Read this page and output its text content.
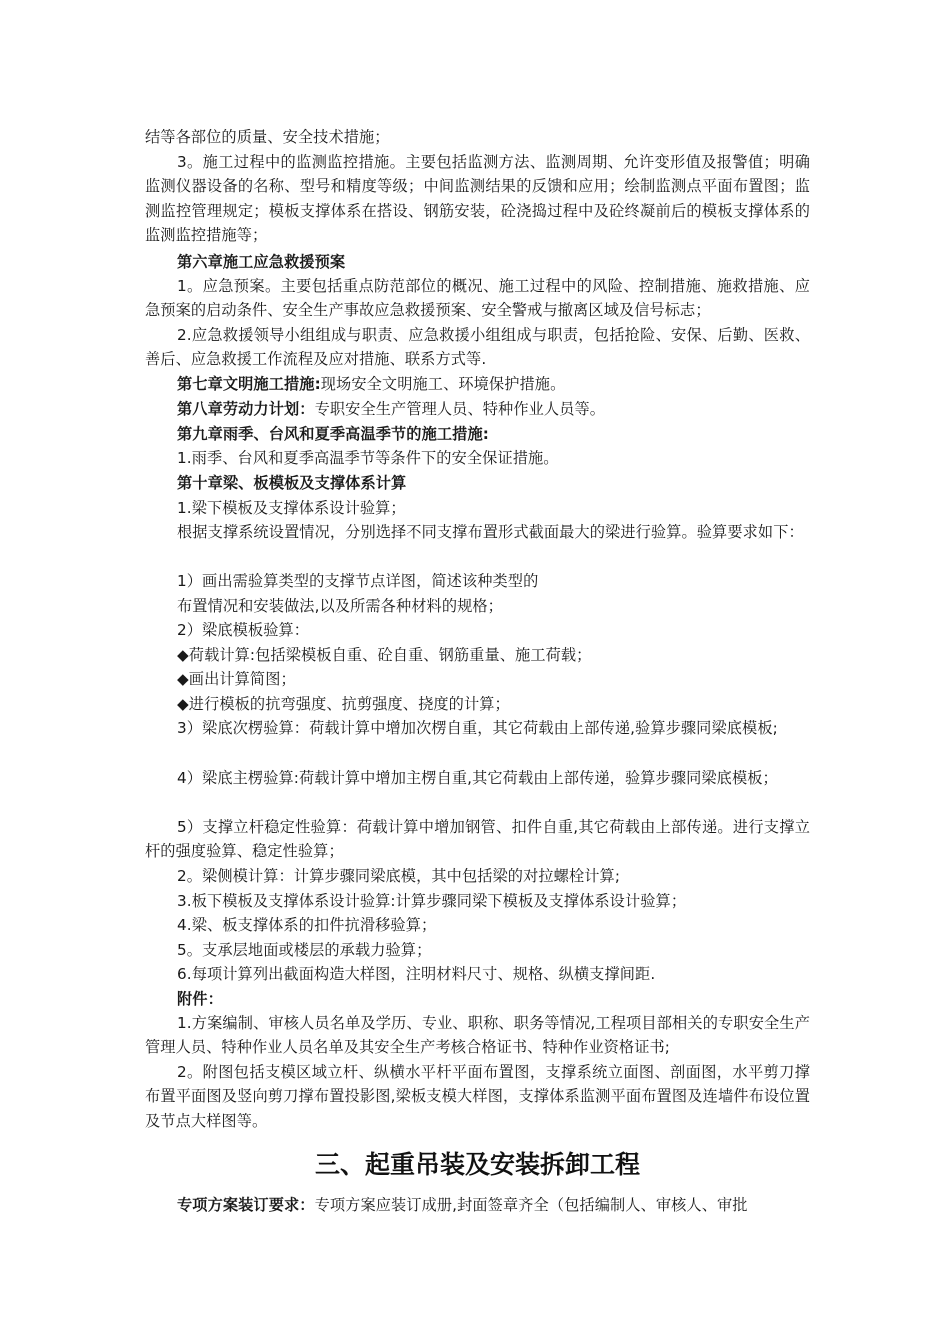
结等各部位的质量、安全技术措施；
3。施工过程中的监测监控措施。主要包括监测方法、监测周期、允许变形值及报警值；明确监测仪器设备的名称、型号和精度等级；中间监测结果的反馈和应用；绘制监测点平面布置图；监测监控管理规定；模板支撑体系在搭设、钢筋安装，砼浇捣过程中及砼终凝前后的模板支撑体系的监测监控措施等；
第六章施工应急救援预案
1。应急预案。主要包括重点防范部位的概况、施工过程中的风险、控制措施、施救措施、应急预案的启动条件、安全生产事故应急救援预案、安全警戒与撤离区域及信号标志；
2.应急救援领导小组组成与职责、应急救援小组组成与职责，包括抢险、安保、后勤、医救、善后、应急救援工作流程及应对措施、联系方式等.
第七章文明施工措施:现场安全文明施工、环境保护措施。
第八章劳动力计划：专职安全生产管理人员、特种作业人员等。
第九章雨季、台风和夏季高温季节的施工措施:
1.雨季、台风和夏季高温季节等条件下的安全保证措施。
第十章梁、板模板及支撑体系计算
1.梁下模板及支撑体系设计验算；
根据支撑系统设置情况，分别选择不同支撑布置形式截面最大的梁进行验算。验算要求如下：
1）画出需验算类型的支撑节点详图，简述该种类型的
布置情况和安装做法,以及所需各种材料的规格；
2）梁底模板验算：
◆荷载计算:包括梁模板自重、砼自重、钢筋重量、施工荷载；
◆画出计算简图；
◆进行模板的抗弯强度、抗剪强度、挠度的计算；
3）梁底次楞验算：荷载计算中增加次楞自重，其它荷载由上部传递,验算步骤同梁底模板;
4）梁底主楞验算:荷载计算中增加主楞自重,其它荷载由上部传递，验算步骤同梁底模板；
5）支撑立杆稳定性验算：荷载计算中增加钢管、扣件自重,其它荷载由上部传递。进行支撑立杆的强度验算、稳定性验算；
2。梁侧模计算：计算步骤同梁底模，其中包括梁的对拉螺栓计算;
3.板下模板及支撑体系设计验算:计算步骤同梁下模板及支撑体系设计验算；
4.梁、板支撑体系的扣件抗滑移验算；
5。支承层地面或楼层的承载力验算；
6.每项计算列出截面构造大样图，注明材料尺寸、规格、纵横支撑间距.
附件：
1.方案编制、审核人员名单及学历、专业、职称、职务等情况,工程项目部相关的专职安全生产管理人员、特种作业人员名单及其安全生产考核合格证书、特种作业资格证书;
2。附图包括支模区域立杆、纵横水平杆平面布置图，支撑系统立面图、剖面图，水平剪刀撑布置平面图及竖向剪刀撑布置投影图,梁板支模大样图，支撑体系监测平面布置图及连墙件布设位置及节点大样图等。
三、起重吊装及安装拆卸工程
专项方案装订要求：专项方案应装订成册,封面签章齐全（包括编制人、审核人、审批
